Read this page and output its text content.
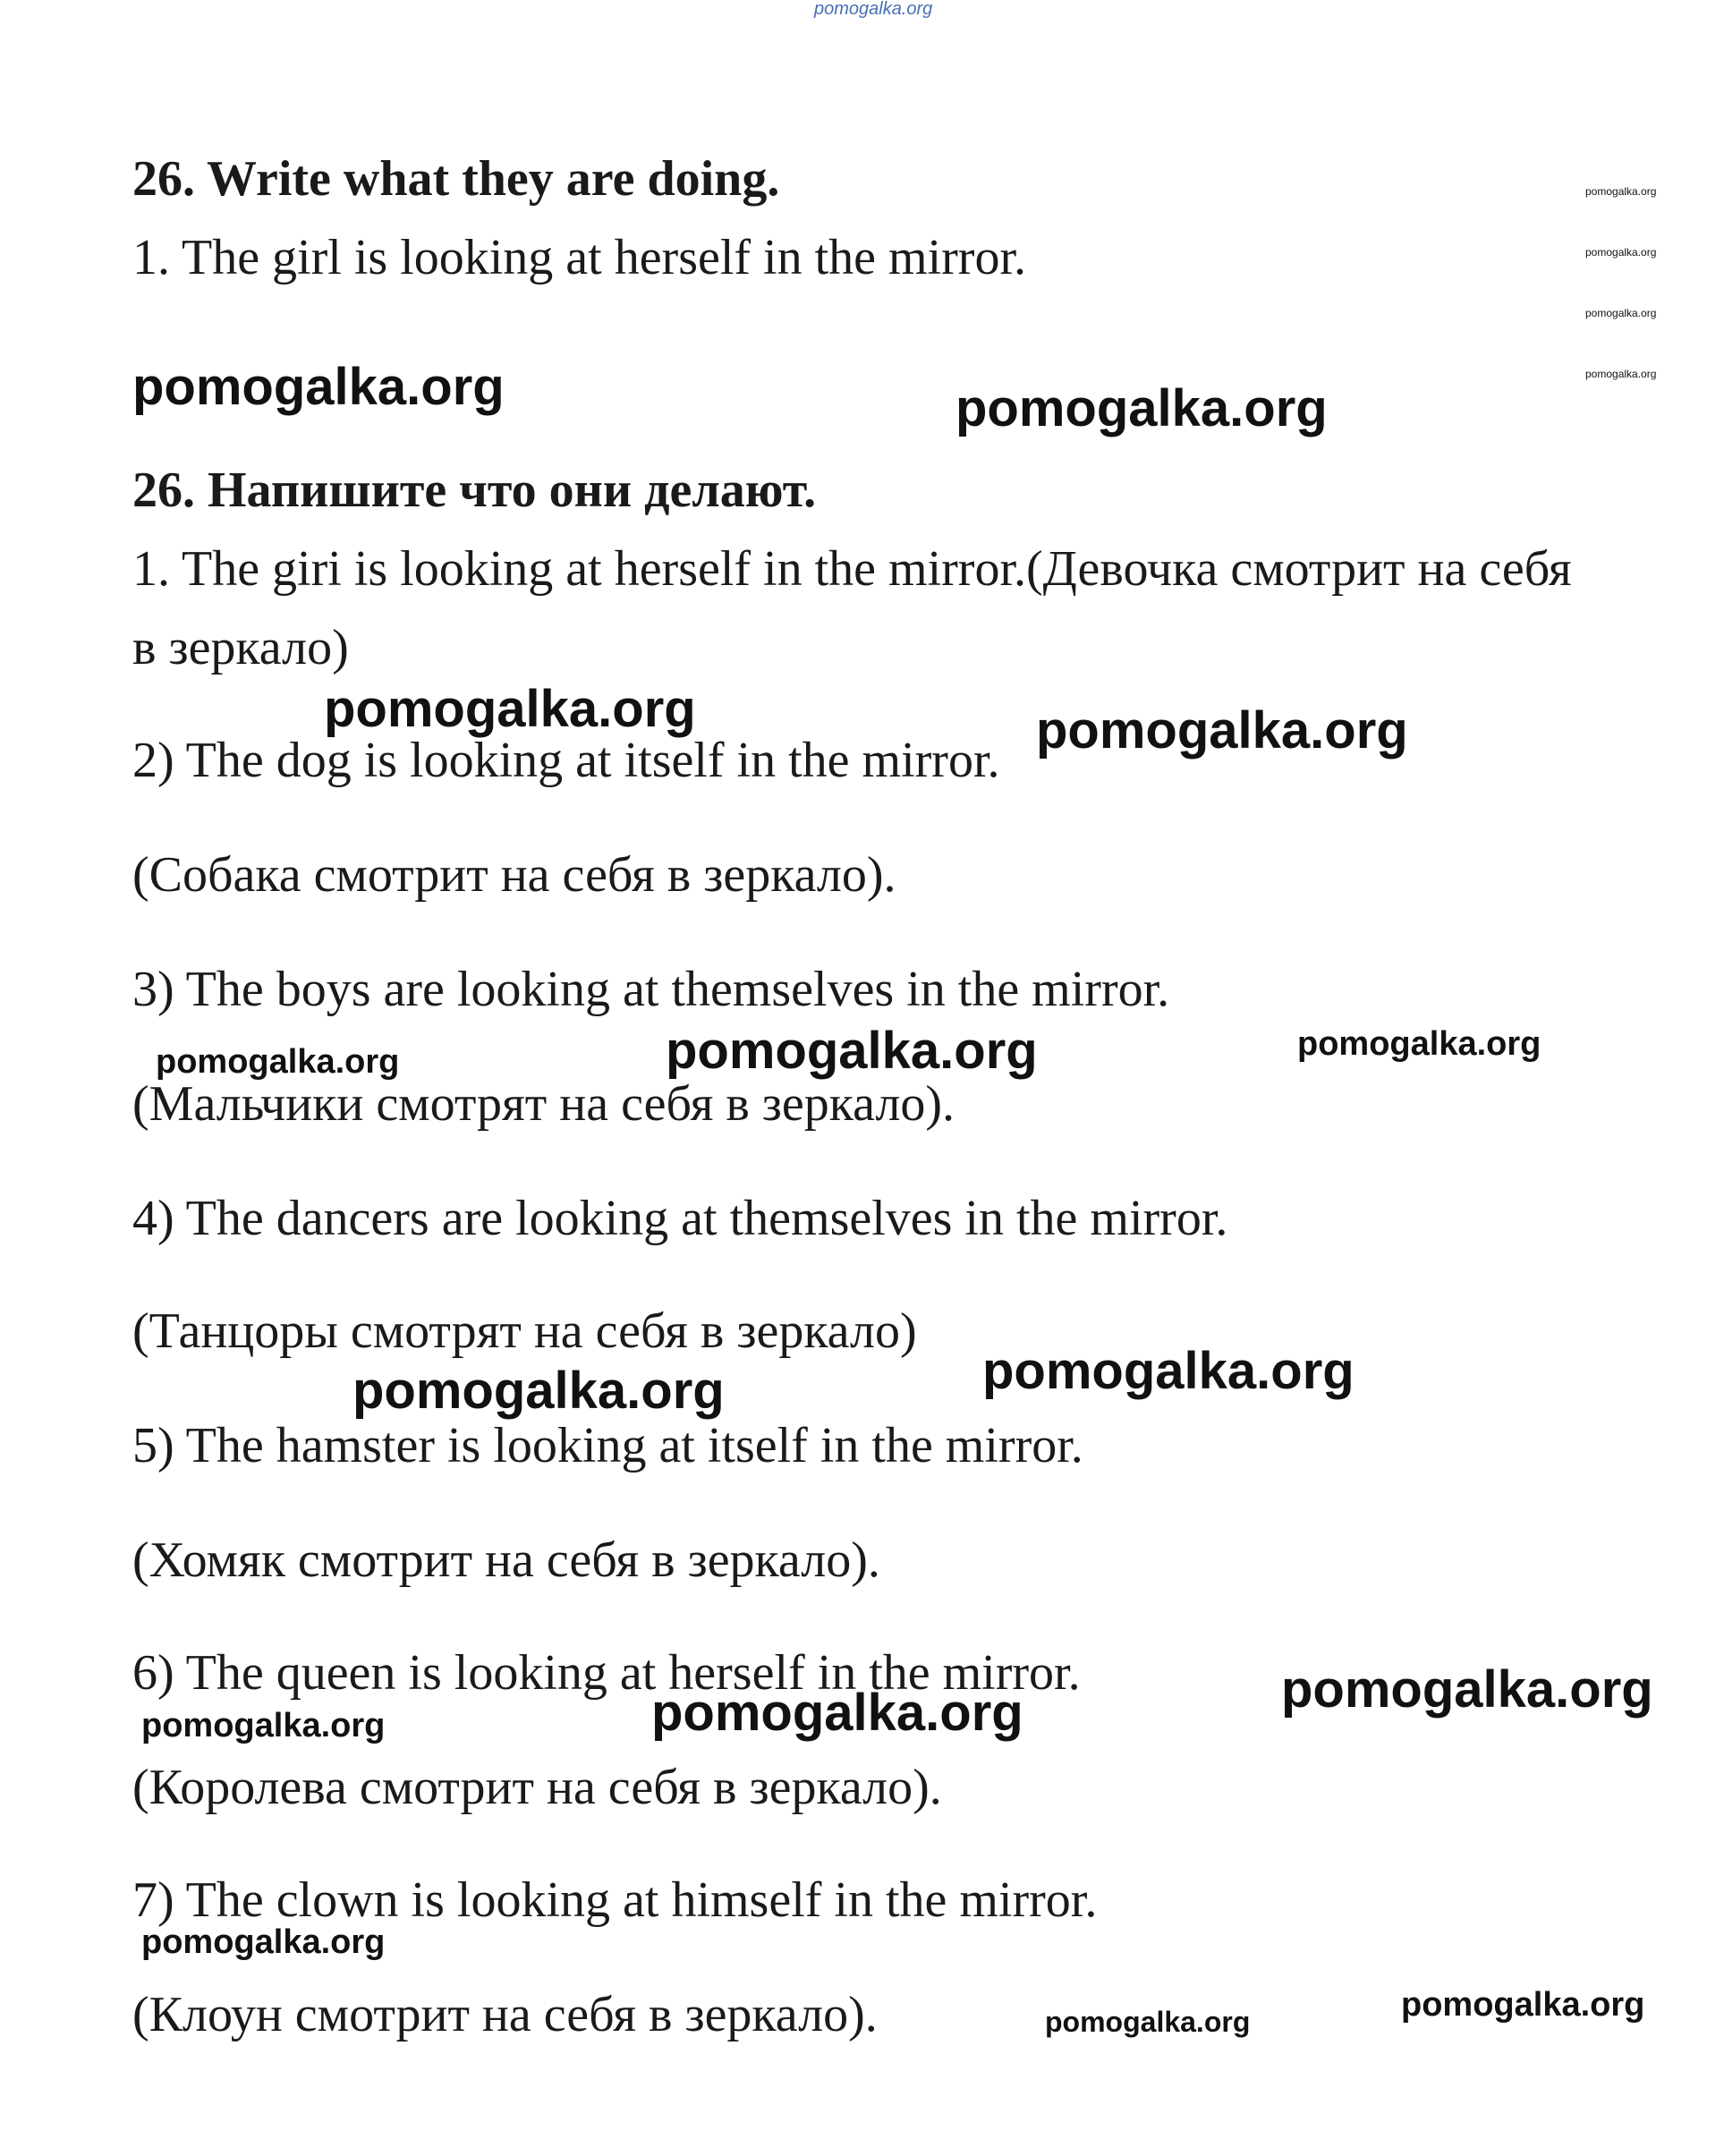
pomogalka.org
26. Write what they are doing.
1. The girl is looking at herself in the mirror.
pomogalka.org
pomogalka.org
pomogalka.org
pomogalka.org
pomogalka.org	pomogalka.org
26. Напишите что они делают.
1. The giri is looking at herself in the mirror.(Девочка смотрит на себя
в зеркало)
pomogalka.org	pomogalka.org
2) The dog is looking at itself in the mirror.
(Собака смотрит на себя в зеркало).
3) The boys are looking at themselves in the mirror.
pomogalka.org	pomogalka.org	pomogalka.org
(Мальчики смотрят на себя в зеркало).
4) The dancers are looking at themselves in the mirror.
(Танцоры смотрят на себя в зеркало)
pomogalka.org	pomogalka.org
5) The hamster is looking at itself in the mirror.
(Хомяк смотрит на себя в зеркало).
6) The queen is looking at herself in the mirror.	pomogalka.org
pomogalka.org	pomogalka.org
(Королева смотрит на себя в зеркало).
7) The clown is looking at himself in the mirror.
pomogalka.org
(Клоун смотрит на себя в зеркало).	pomogalka.org	pomogalka.org
